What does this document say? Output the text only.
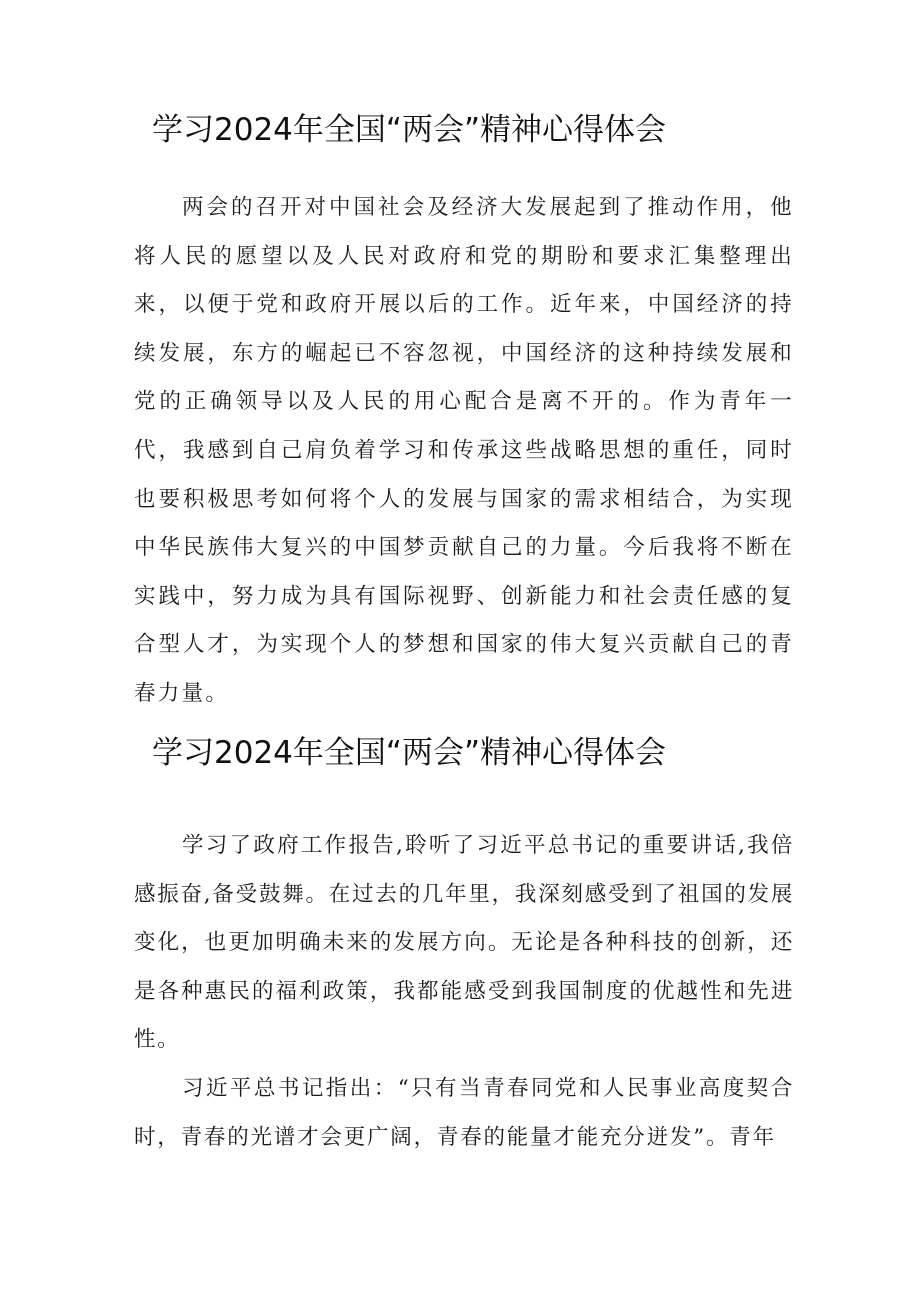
学习2024年全国“两会”精神心得体会

两会的召开对中国社会及经济大发展起到了推动作用，他将人民的愿望以及人民对政府和党的期盼和要求汇集整理出来，以便于党和政府开展以后的工作。近年来，中国经济的持续发展，东方的崛起已不容忽视，中国经济的这种持续发展和党的正确领导以及人民的用心配合是离不开的。作为青年一代，我感到自己肩负着学习和传承这些战略思想的重任，同时也要积极思考如何将个人的发展与国家的需求相结合，为实现中华民族伟大复兴的中国梦贡献自己的力量。今后我将不断在实践中，努力成为具有国际视野、创新能力和社会责任感的复合型人才，为实现个人的梦想和国家的伟大复兴贡献自己的青春力量。

学习2024年全国“两会”精神心得体会

学习了政府工作报告,聆听了习近平总书记的重要讲话,我倍感振奋,备受鼓舞。在过去的几年里，我深刻感受到了祖国的发展变化，也更加明确未来的发展方向。无论是各种科技的创新，还是各种惠民的福利政策，我都能感受到我国制度的优越性和先进性。

习近平总书记指出：“只有当青春同党和人民事业高度契合时，青春的光谱才会更广阔，青春的能量才能充分迸发”。青年
